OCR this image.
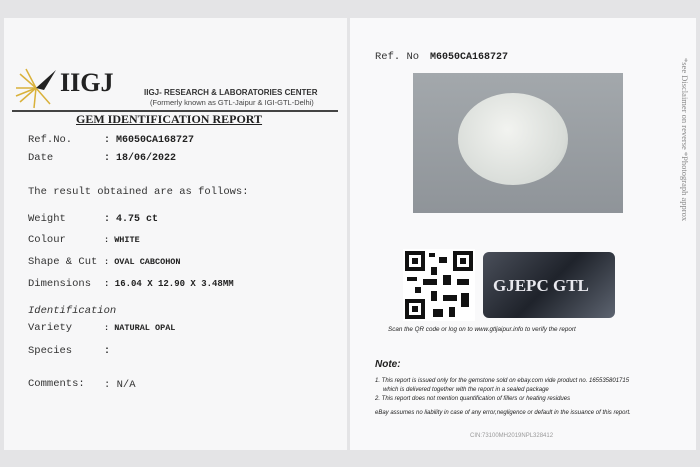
IIGJ	IIGJ- RESEARCH & LABORATORIES CENTER
(Formerly known as GTL-Jaipur & IGI-GTL-Delhi)
GEM IDENTIFICATION REPORT
Ref.No.	: M6050CA168727
Date	: 18/06/2022
The result obtained are as follows:
Weight	: 4.75 ct
Colour	: WHITE
Shape & Cut : OVAL CABCOHON
Dimensions : 16.04 X 12.90 X 3.48MM
Identification
Variety	: NATURAL OPAL
Species	:
Comments: : N/A
Ref. No M6050CA168727
GJEPC GTL
Scan the QR code or log on to www.gtljaipur.info to verify the report
Note:
1. This report is issued only for the gemstone sold on ebay.com vide product no. 165535801715
which is delivered together with the report in a sealed package
2. This report does not mention quantification of fillers or heating residues
eBay assumes no liability in case of any error,negligence or default in the issuance of this report.
CIN:73100MH2019NPL328412
*see Disclaimer on reverse *Photograph approx
